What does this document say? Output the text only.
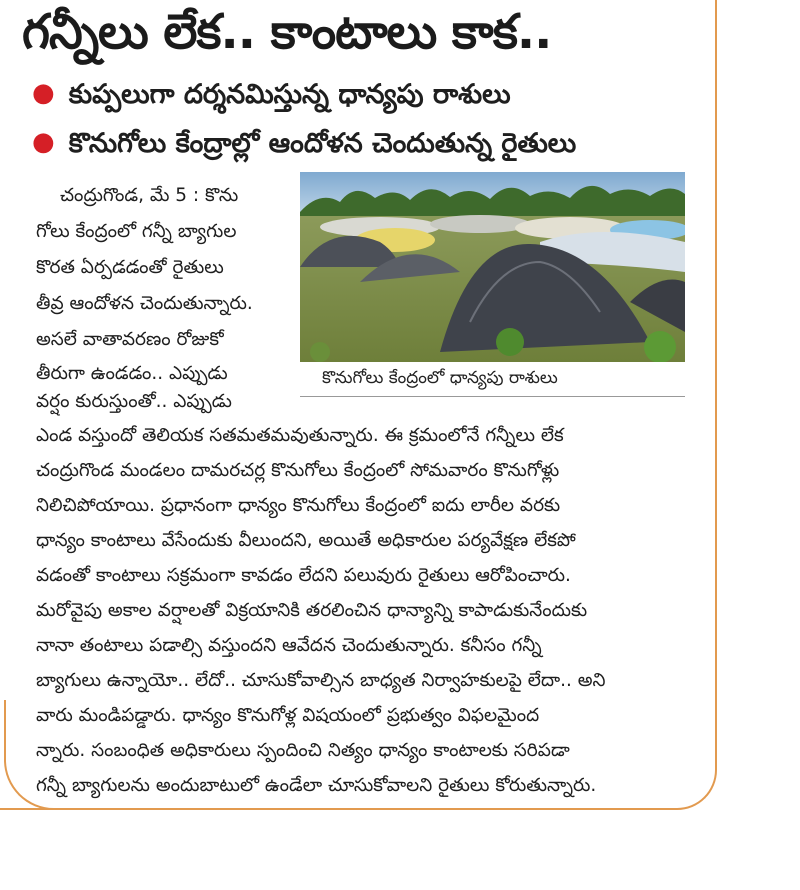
గన్నీలు లేక.. కాంటాలు కాక..

● కుప్పలుగా దర్శనమిస్తున్న ధాన్యపు రాశులు

● కొనుగోలు కేంద్రాల్లో ఆందోళన చెందుతున్న రైతులు

కొనుగోలు కేంద్రంలో ధాన్యపు రాశులు
చంద్రుగొండ, మే 5 : కొను
గోలు కేంద్రంలో గన్నీ బ్యాగుల
కొరత ఏర్పడడంతో రైతులు
తీవ్ర ఆందోళన చెందుతున్నారు.
అసలే వాతావరణం రోజుకో
తీరుగా ఉండడం.. ఎప్పుడు
వర్షం కురుస్తుంతో.. ఎప్పుడు
ఎండ వస్తుందో తెలియక సతమతమవుతున్నారు. ఈ క్రమంలోనే గన్నీలు లేక
చంద్రుగొండ మండలం దామరచర్ల కొనుగోలు కేంద్రంలో సోమవారం కొనుగోళ్లు
నిలిచిపోయాయి. ప్రధానంగా ధాన్యం కొనుగోలు కేంద్రంలో ఐదు లారీల వరకు
ధాన్యం కాంటాలు వేసేందుకు వీలుందని, అయితే అధికారుల పర్యవేక్షణ లేకపో
వడంతో కాంటాలు సక్రమంగా కావడం లేదని పలువురు రైతులు ఆరోపించారు.
మరోవైపు అకాల వర్షాలతో విక్రయానికి తరలించిన ధాన్యాన్ని కాపాడుకునేందుకు
నానా తంటాలు పడాల్సి వస్తుందని ఆవేదన చెందుతున్నారు. కనీసం గన్నీ
బ్యాగులు ఉన్నాయో.. లేదో.. చూసుకోవాల్సిన బాధ్యత నిర్వాహకులపై లేదా.. అని
వారు మండిపడ్డారు. ధాన్యం కొనుగోళ్ల విషయంలో ప్రభుత్వం విఫలమైంద
న్నారు. సంబంధిత అధికారులు స్పందించి నిత్యం ధాన్యం కాంటాలకు సరిపడా
గన్నీ బ్యాగులను అందుబాటులో ఉండేలా చూసుకోవాలని రైతులు కోరుతున్నారు.
